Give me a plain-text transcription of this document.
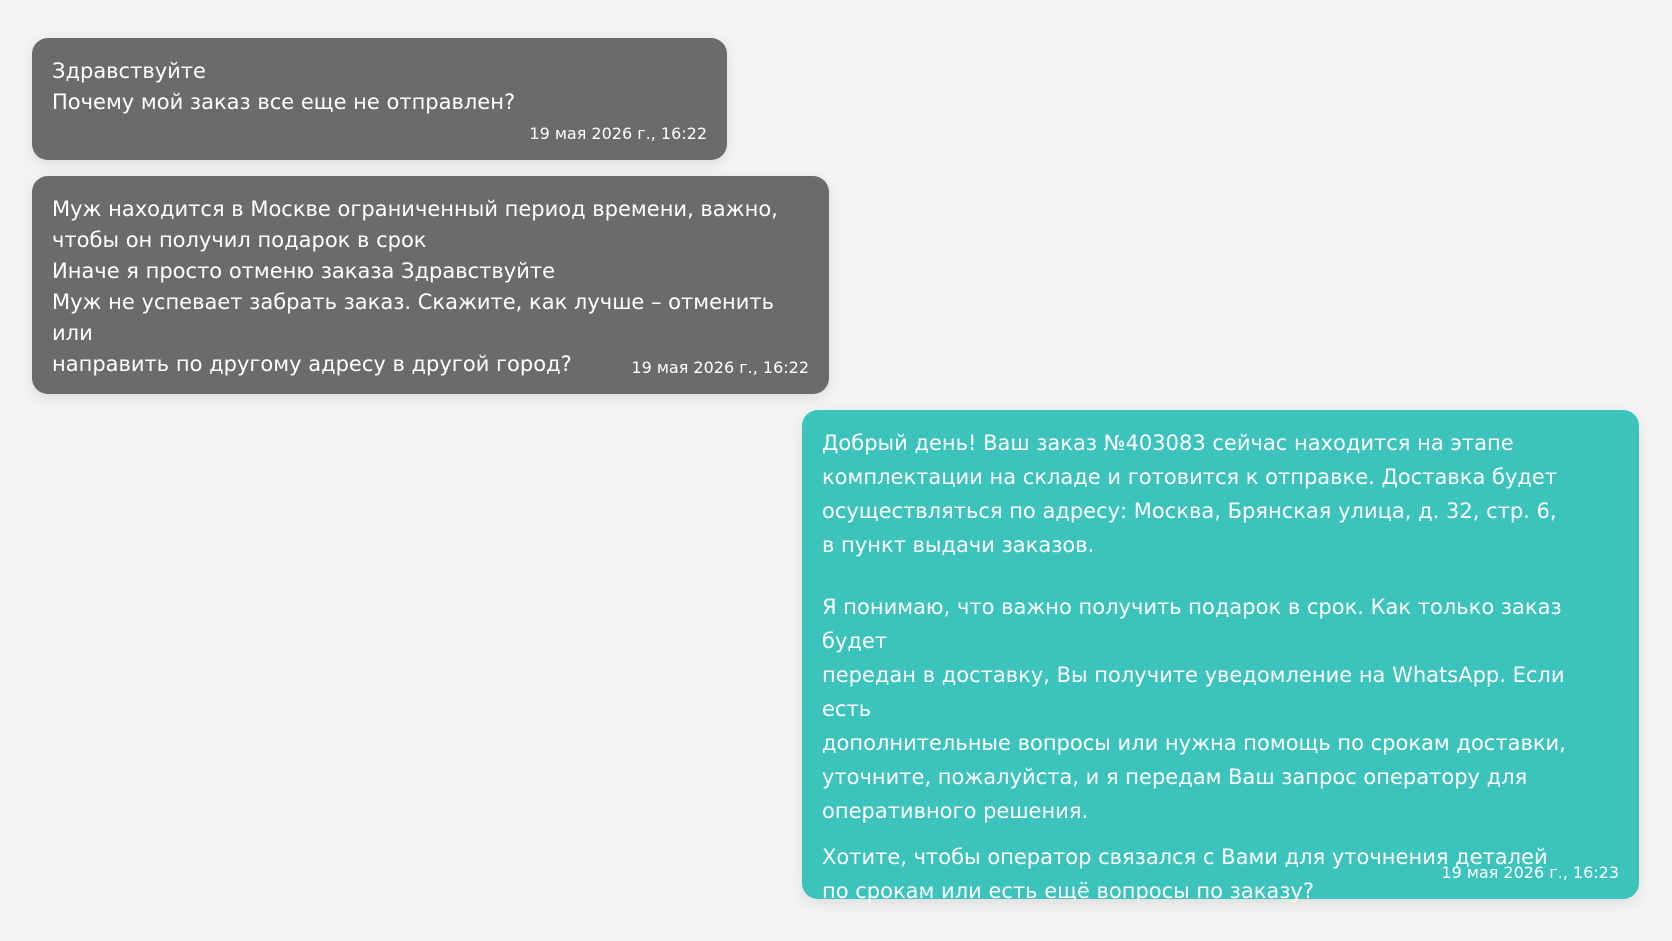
Здравствуйте
Почему мой заказ все еще не отправлен?

19 мая 2026 г., 16:22

Муж находится в Москве ограниченный период времени, важно,
чтобы он получил подарок в срок
Иначе я просто отменю заказа Здравствуйте
Муж не успевает забрать заказ. Скажите, как лучше – отменить или
направить по другому адресу в другой город?	19 мая 2026 г., 16:22

Добрый день! Ваш заказ №403083 сейчас находится на этапе
комплектации на складе и готовится к отправке. Доставка будет
осуществляться по адресу: Москва, Брянская улица, д. 32, стр. 6,
в пункт выдачи заказов.

Я понимаю, что важно получить подарок в срок. Как только заказ будет
передан в доставку, Вы получите уведомление на WhatsApp. Если есть
дополнительные вопросы или нужна помощь по срокам доставки,
уточните, пожалуйста, и я передам Ваш запрос оператору для
оперативного решения.

Хотите, чтобы оператор связался с Вами для уточнения деталей
по срокам или есть ещё вопросы по заказу?

19 мая 2026 г., 16:23
